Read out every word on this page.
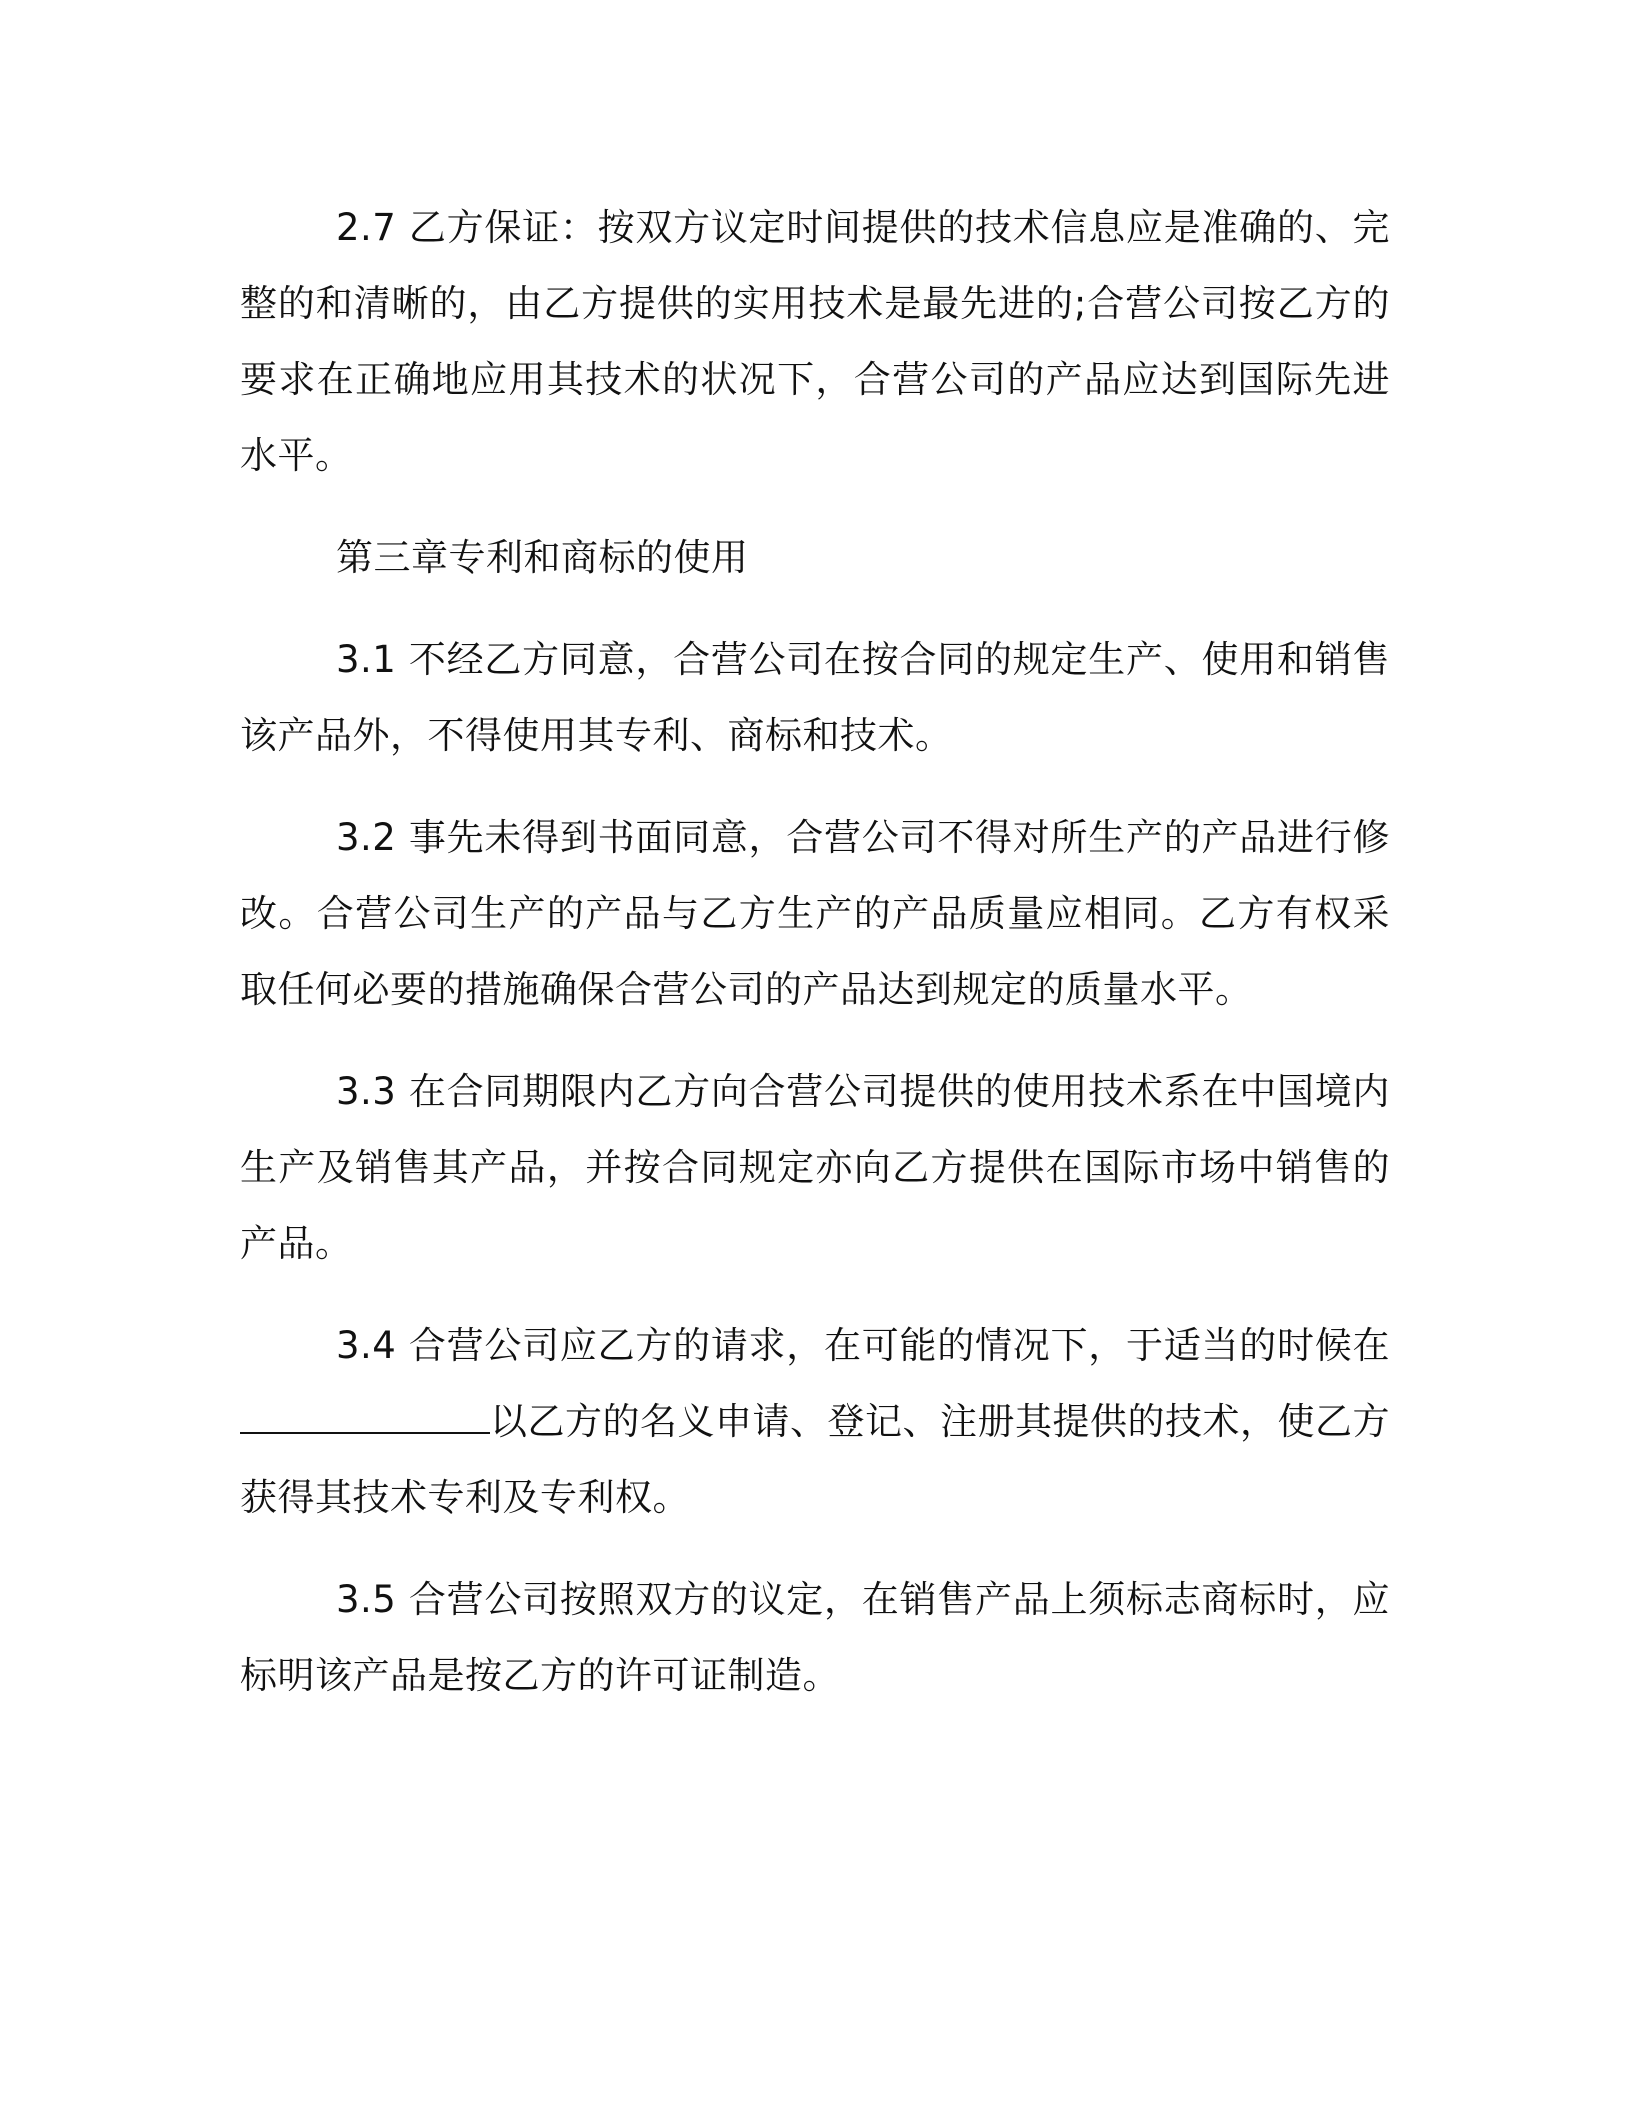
2.7 乙方保证：按双方议定时间提供的技术信息应是准确的、完整的和清晰的，由乙方提供的实用技术是最先进的;合营公司按乙方的要求在正确地应用其技术的状况下，合营公司的产品应达到国际先进水平。

第三章专利和商标的使用

3.1 不经乙方同意，合营公司在按合同的规定生产、使用和销售该产品外，不得使用其专利、商标和技术。

3.2 事先未得到书面同意，合营公司不得对所生产的产品进行修改。合营公司生产的产品与乙方生产的产品质量应相同。乙方有权采取任何必要的措施确保合营公司的产品达到规定的质量水平。

3.3 在合同期限内乙方向合营公司提供的使用技术系在中国境内生产及销售其产品，并按合同规定亦向乙方提供在国际市场中销售的产品。

3.4 合营公司应乙方的请求，在可能的情况下，于适当的时候在以乙方的名义申请、登记、注册其提供的技术，使乙方获得其技术专利及专利权。

3.5 合营公司按照双方的议定，在销售产品上须标志商标时，应标明该产品是按乙方的许可证制造。
